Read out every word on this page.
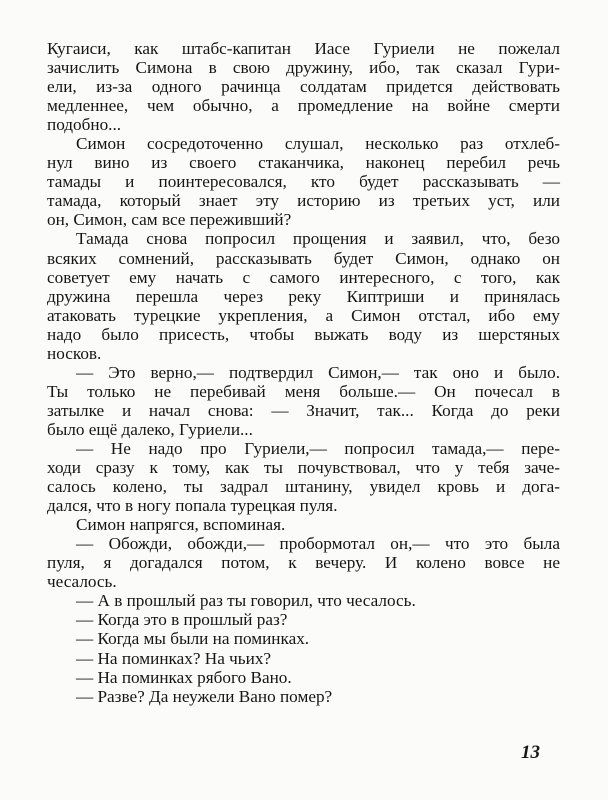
Кугаиси, как штабс-капитан Иасе Гуриели не пожелал
зачислить Симона в свою дружину, ибо, так сказал Гури-
ели, из-за одного рачинца солдатам придется действовать
медленнее, чем обычно, а промедление на войне смерти
подобно...
Симон сосредоточенно слушал, несколько раз отхлеб-
нул вино из своего стаканчика, наконец перебил речь
тамады и поинтересовался, кто будет рассказывать —
тамада, который знает эту историю из третьих уст, или
он, Симон, сам все переживший?
Тамада снова попросил прощения и заявил, что, безо
всяких сомнений, рассказывать будет Симон, однако он
советует ему начать с самого интересного, с того, как
дружина перешла через реку Киптриши и принялась
атаковать турецкие укрепления, а Симон отстал, ибо ему
надо было присесть, чтобы выжать воду из шерстяных
носков.
— Это верно,— подтвердил Симон,— так оно и было.
Ты только не перебивай меня больше.— Он почесал в
затылке и начал снова: — Значит, так... Когда до реки
было ещё далеко, Гуриели...
— Не надо про Гуриели,— попросил тамада,— пере-
ходи сразу к тому, как ты почувствовал, что у тебя заче-
салось колено, ты задрал штанину, увидел кровь и дога-
дался, что в ногу попала турецкая пуля.
Симон напрягся, вспоминая.
— Обожди, обожди,— пробормотал он,— что это была
пуля, я догадался потом, к вечеру. И колено вовсе не
чесалось.
— А в прошлый раз ты говорил, что чесалось.
— Когда это в прошлый раз?
— Когда мы были на поминках.
— На поминках? На чьих?
— На поминках рябого Вано.
— Разве? Да неужели Вано помер?
13
